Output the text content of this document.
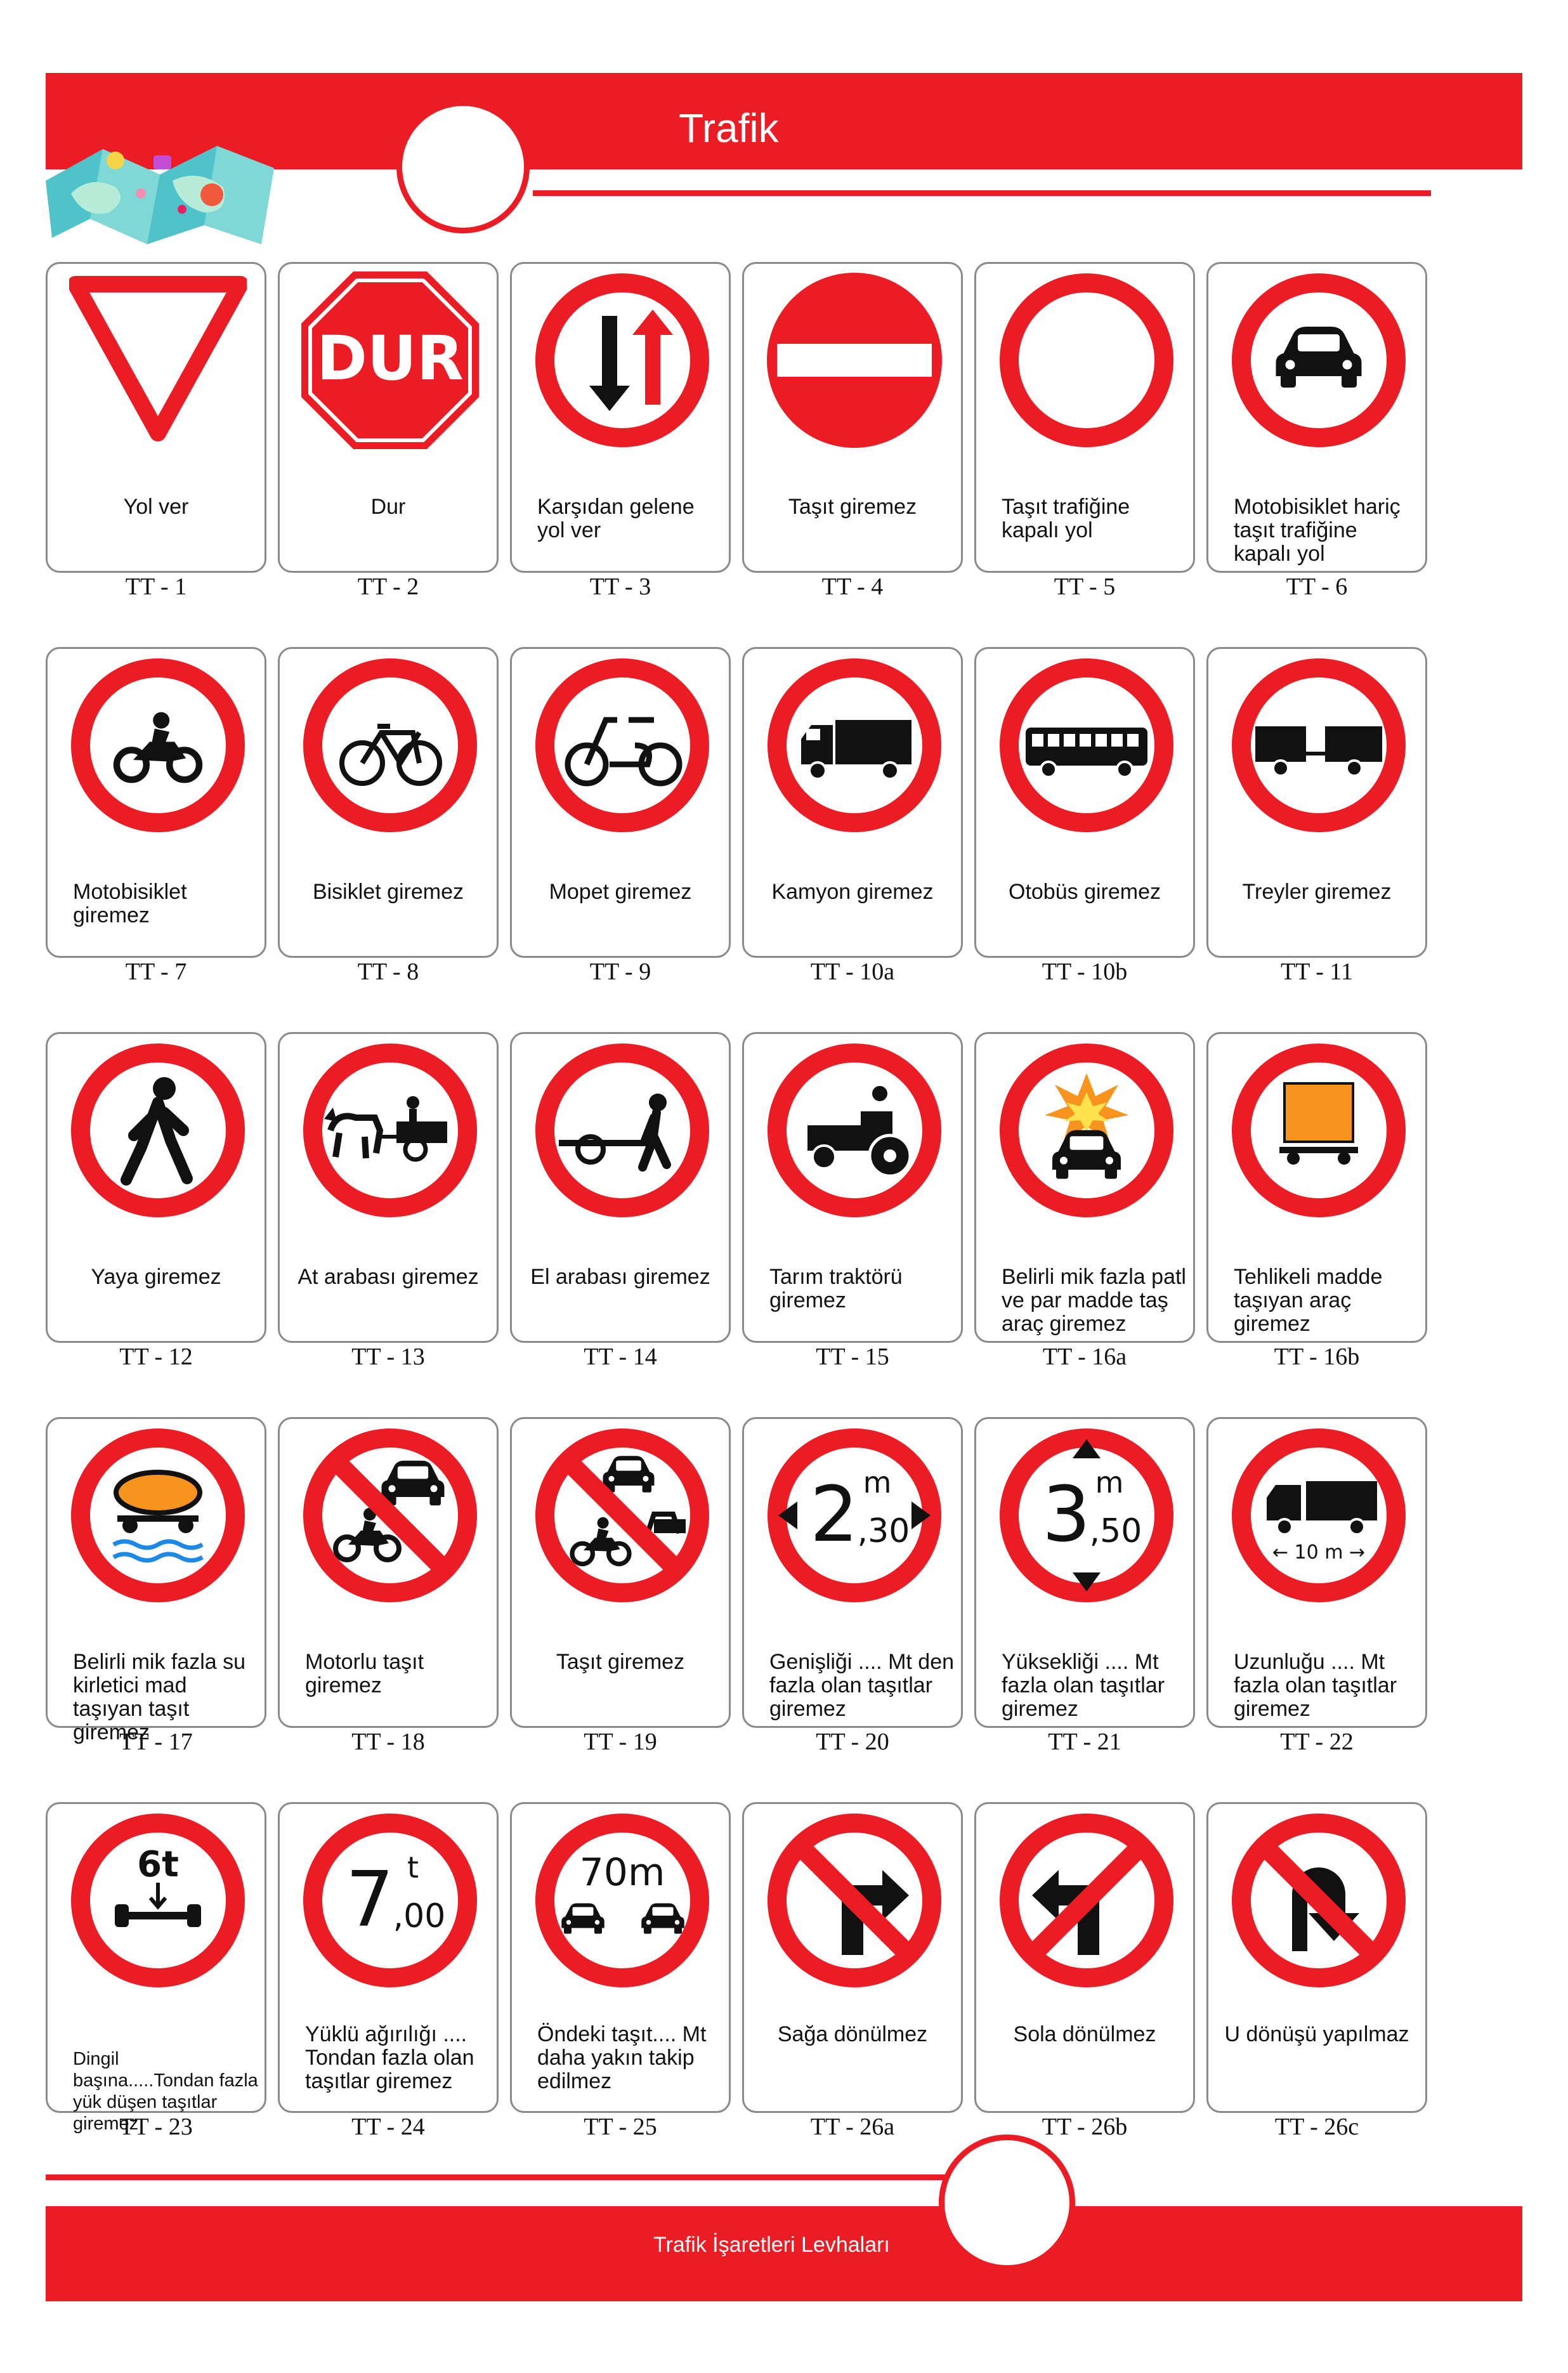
Trafik
Trafik İşaretleri Levhaları
Yol ver
TT - 1
DUR
Dur
TT - 2
Karşıdan gelene yol ver
TT - 3
Taşıt giremez
TT - 4
Taşıt trafiğine kapalı yol
TT - 5
Motobisiklet hariç taşıt trafiğine kapalı yol
TT - 6
Motobisiklet giremez
TT - 7
Bisiklet giremez
TT - 8
Mopet giremez
TT - 9
Kamyon giremez
TT - 10a
Otobüs giremez
TT - 10b
Treyler giremez
TT - 11
Yaya giremez
TT - 12
At arabası giremez
TT - 13
El arabası giremez
TT - 14
Tarım traktörü giremez
TT - 15
Belirli mik fazla patl ve par madde taş araç giremez
TT - 16a
Tehlikeli madde taşıyan araç giremez
TT - 16b
Belirli mik fazla su kirletici mad taşıyan taşıt giremez
TT - 17
Motorlu taşıt giremez
TT - 18
Taşıt giremez
TT - 19
2 m
,30
Genişliği .... Mt den fazla olan taşıtlar giremez
TT - 20
3 m
,50
Yüksekliği .... Mt fazla olan taşıtlar giremez
TT - 21
← 10 m →
Uzunluğu .... Mt fazla olan taşıtlar giremez
TT - 22
6t
Dingil başına.....Tondan fazla yük düşen taşıtlar giremez
TT - 23
7 t
,00
Yüklü ağırılığı .... Tondan fazla olan taşıtlar giremez
TT - 24
70m
Öndeki taşıt.... Mt daha yakın takip edilmez
TT - 25
Sağa dönülmez
TT - 26a
Sola dönülmez
TT - 26b
U dönüşü yapılmaz
TT - 26c
